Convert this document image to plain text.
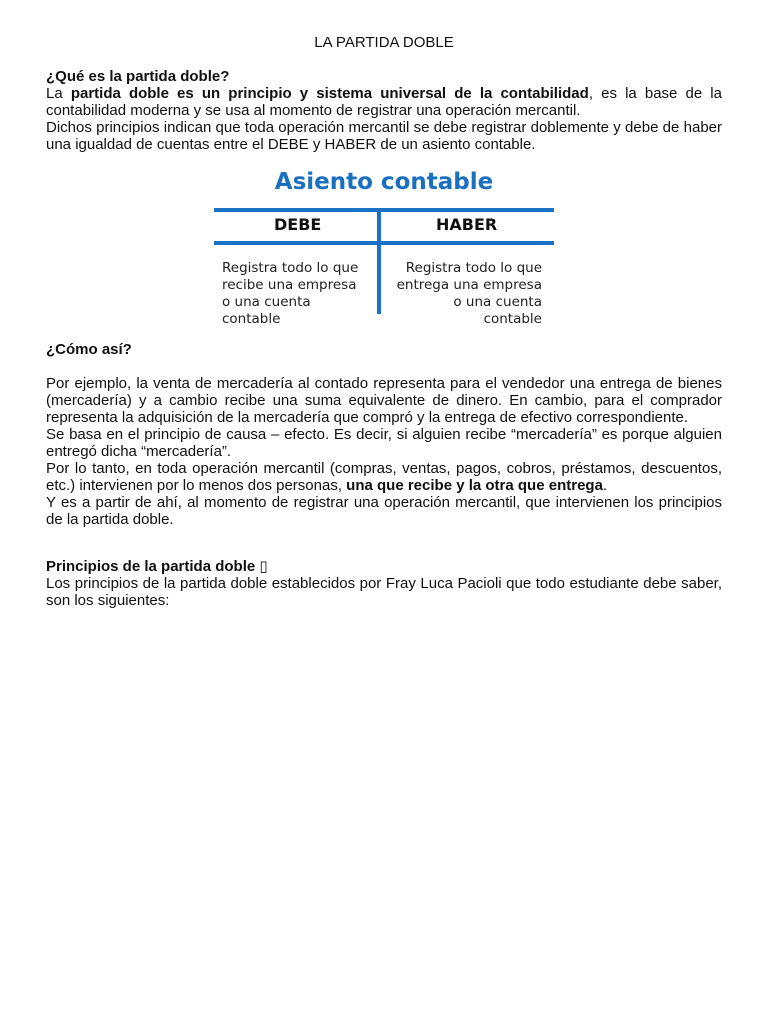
LA PARTIDA DOBLE

¿Qué es la partida doble?

La partida doble es un principio y sistema universal de la contabilidad, es la base de la contabilidad moderna y se usa al momento de registrar una operación mercantil.

Dichos principios indican que toda operación mercantil se debe registrar doblemente y debe de haber una igualdad de cuentas entre el DEBE y HABER de un asiento contable.

Asiento contable
DEBE	HABER
Registra todo lo que
recibe una empresa
o una cuenta
contable
Registra todo lo que
entrega una empresa
o una cuenta
contable

¿Cómo así?

Por ejemplo, la venta de mercadería al contado representa para el vendedor una entrega de bienes (mercadería) y a cambio recibe una suma equivalente de dinero. En cambio, para el comprador representa la adquisición de la mercadería que compró y la entrega de efectivo correspondiente.

Se basa en el principio de causa – efecto. Es decir, si alguien recibe “mercadería” es porque alguien entregó dicha “mercadería”.

Por lo tanto, en toda operación mercantil (compras, ventas, pagos, cobros, préstamos, descuentos, etc.) intervienen por lo menos dos personas, una que recibe y la otra que entrega.

Y es a partir de ahí, al momento de registrar una operación mercantil, que intervienen los principios de la partida doble.

Principios de la partida doble ▯

Los principios de la partida doble establecidos por Fray Luca Pacioli que todo estudiante debe saber, son los siguientes:
